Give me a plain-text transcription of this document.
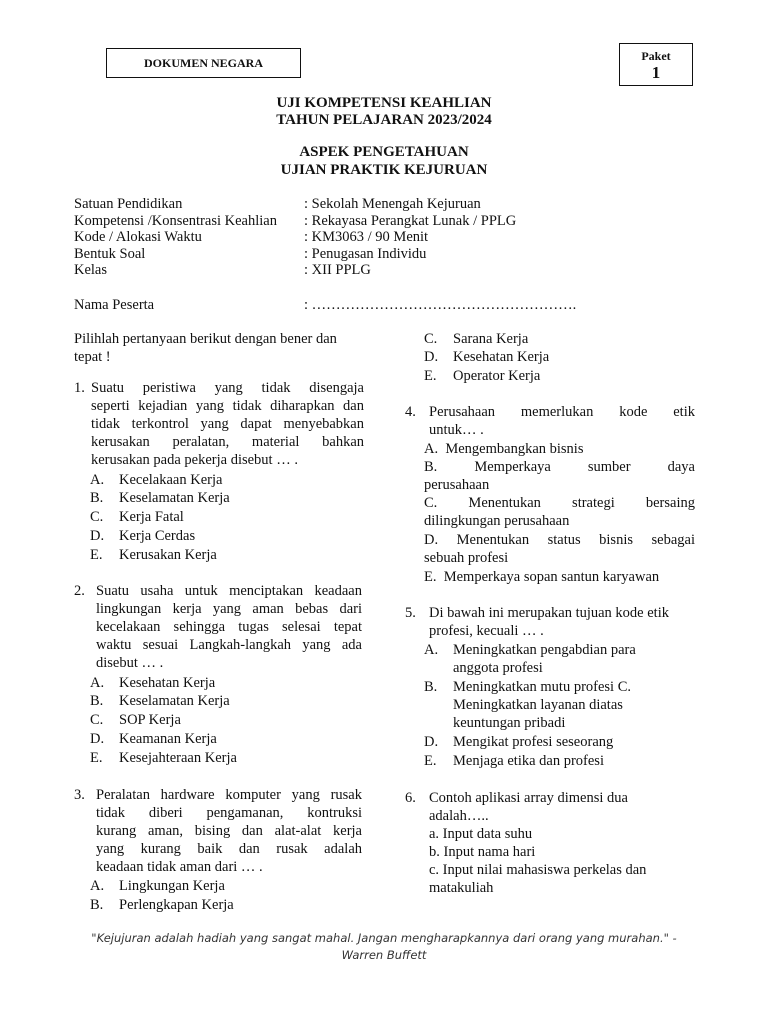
DOKUMEN NEGARA	Paket
1
UJI KOMPETENSI KEAHLIAN
TAHUN PELAJARAN 2023/2024
ASPEK PENGETAHUAN
UJIAN PRAKTIK KEJURUAN
Satuan Pendidikan	: Sekolah Menengah Kejuruan
Kompetensi /Konsentrasi Keahlian : Rekayasa Perangkat Lunak / PPLG
Kode / Alokasi Waktu	: KM3063 / 90 Menit
Bentuk Soal	: Penugasan Individu
Kelas	: XII PPLG
Nama Peserta	: ……………………………………………….
Pilihlah pertanyaan berikut dengan bener dan
tepat !
1. Suatu peristiwa yang tidak disengaja
seperti kejadian yang tidak diharapkan dan
tidak terkontrol yang dapat menyebabkan
kerusakan peralatan, material bahkan
kerusakan pada pekerja disebut … .
A. Kecelakaan Kerja
B. Keselamatan Kerja
C. Kerja Fatal
D. Kerja Cerdas
E. Kerusakan Kerja
2. Suatu usaha untuk menciptakan keadaan
lingkungan kerja yang aman bebas dari
kecelakaan sehingga tugas selesai tepat
waktu sesuai Langkah-langkah yang ada
disebut … .
A. Kesehatan Kerja
B. Keselamatan Kerja
C. SOP Kerja
D. Keamanan Kerja
E. Kesejahteraan Kerja
3. Peralatan hardware komputer yang rusak
tidak diberi pengamanan, kontruksi
kurang aman, bising dan alat-alat kerja
yang kurang baik dan rusak adalah
keadaan tidak aman dari … .
A. Lingkungan Kerja
B. Perlengkapan Kerja
C. Sarana Kerja
D. Kesehatan Kerja
E. Operator Kerja
4. Perusahaan memerlukan kode etik
untuk… .
A.  Mengembangkan bisnis
B. Memperkaya sumber daya
perusahaan
C. Menentukan strategi bersaing
dilingkungan perusahaan
D. Menentukan status bisnis sebagai
sebuah profesi
E.  Memperkaya sopan santun karyawan
5. Di bawah ini merupakan tujuan kode etik
profesi, kecuali … .
A. Meningkatkan pengabdian para
anggota profesi
B. Meningkatkan mutu profesi C.
Meningkatkan layanan diatas
keuntungan pribadi
D. Mengikat profesi seseorang
E. Menjaga etika dan profesi
6. Contoh aplikasi array dimensi dua
adalah…..
a. Input data suhu
b. Input nama hari
c. Input nilai mahasiswa perkelas dan
matakuliah
"Kejujuran adalah hadiah yang sangat mahal. Jangan mengharapkannya dari orang yang murahan." -
Warren Buffett
